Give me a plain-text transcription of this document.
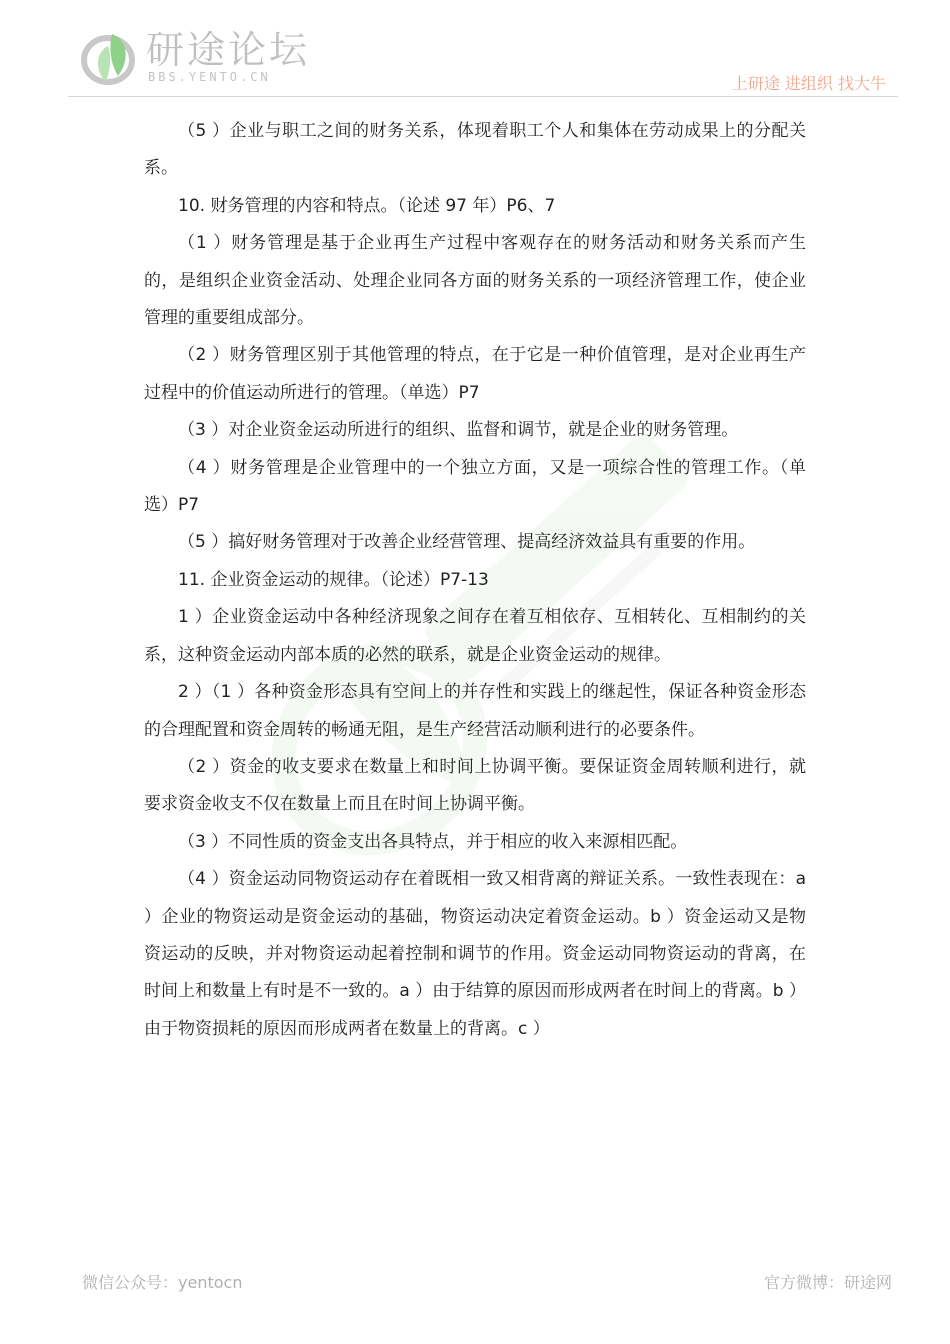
研途论坛
BBS.YENTO.CN	上研途 进组织 找大牛

（5 ）企业与职工之间的财务关系，体现着职工个人和集体在劳动成果上的分配关系。

10. 财务管理的内容和特点。（论述 97 年）P6、7

（1 ）财务管理是基于企业再生产过程中客观存在的财务活动和财务关系而产生的，是组织企业资金活动、处理企业同各方面的财务关系的一项经济管理工作，使企业管理的重要组成部分。

（2 ）财务管理区别于其他管理的特点，在于它是一种价值管理，是对企业再生产过程中的价值运动所进行的管理。（单选）P7

（3 ）对企业资金运动所进行的组织、监督和调节，就是企业的财务管理。

（4 ）财务管理是企业管理中的一个独立方面，又是一项综合性的管理工作。（单选）P7

（5 ）搞好财务管理对于改善企业经营管理、提高经济效益具有重要的作用。

11. 企业资金运动的规律。（论述）P7-13

1 ）企业资金运动中各种经济现象之间存在着互相依存、互相转化、互相制约的关系，这种资金运动内部本质的必然的联系，就是企业资金运动的规律。

2 ）（1 ）各种资金形态具有空间上的并存性和实践上的继起性，保证各种资金形态的合理配置和资金周转的畅通无阻，是生产经营活动顺利进行的必要条件。

（2 ）资金的收支要求在数量上和时间上协调平衡。要保证资金周转顺利进行，就要求资金收支不仅在数量上而且在时间上协调平衡。

（3 ）不同性质的资金支出各具特点，并于相应的收入来源相匹配。

（4 ）资金运动同物资运动存在着既相一致又相背离的辩证关系。一致性表现在：a ）企业的物资运动是资金运动的基础，物资运动决定着资金运动。b ）资金运动又是物资运动的反映，并对物资运动起着控制和调节的作用。资金运动同物资运动的背离，在时间上和数量上有时是不一致的。a ）由于结算的原因而形成两者在时间上的背离。b ）由于物资损耗的原因而形成两者在数量上的背离。c ）

微信公众号：yentocn	官方微博：研途网
